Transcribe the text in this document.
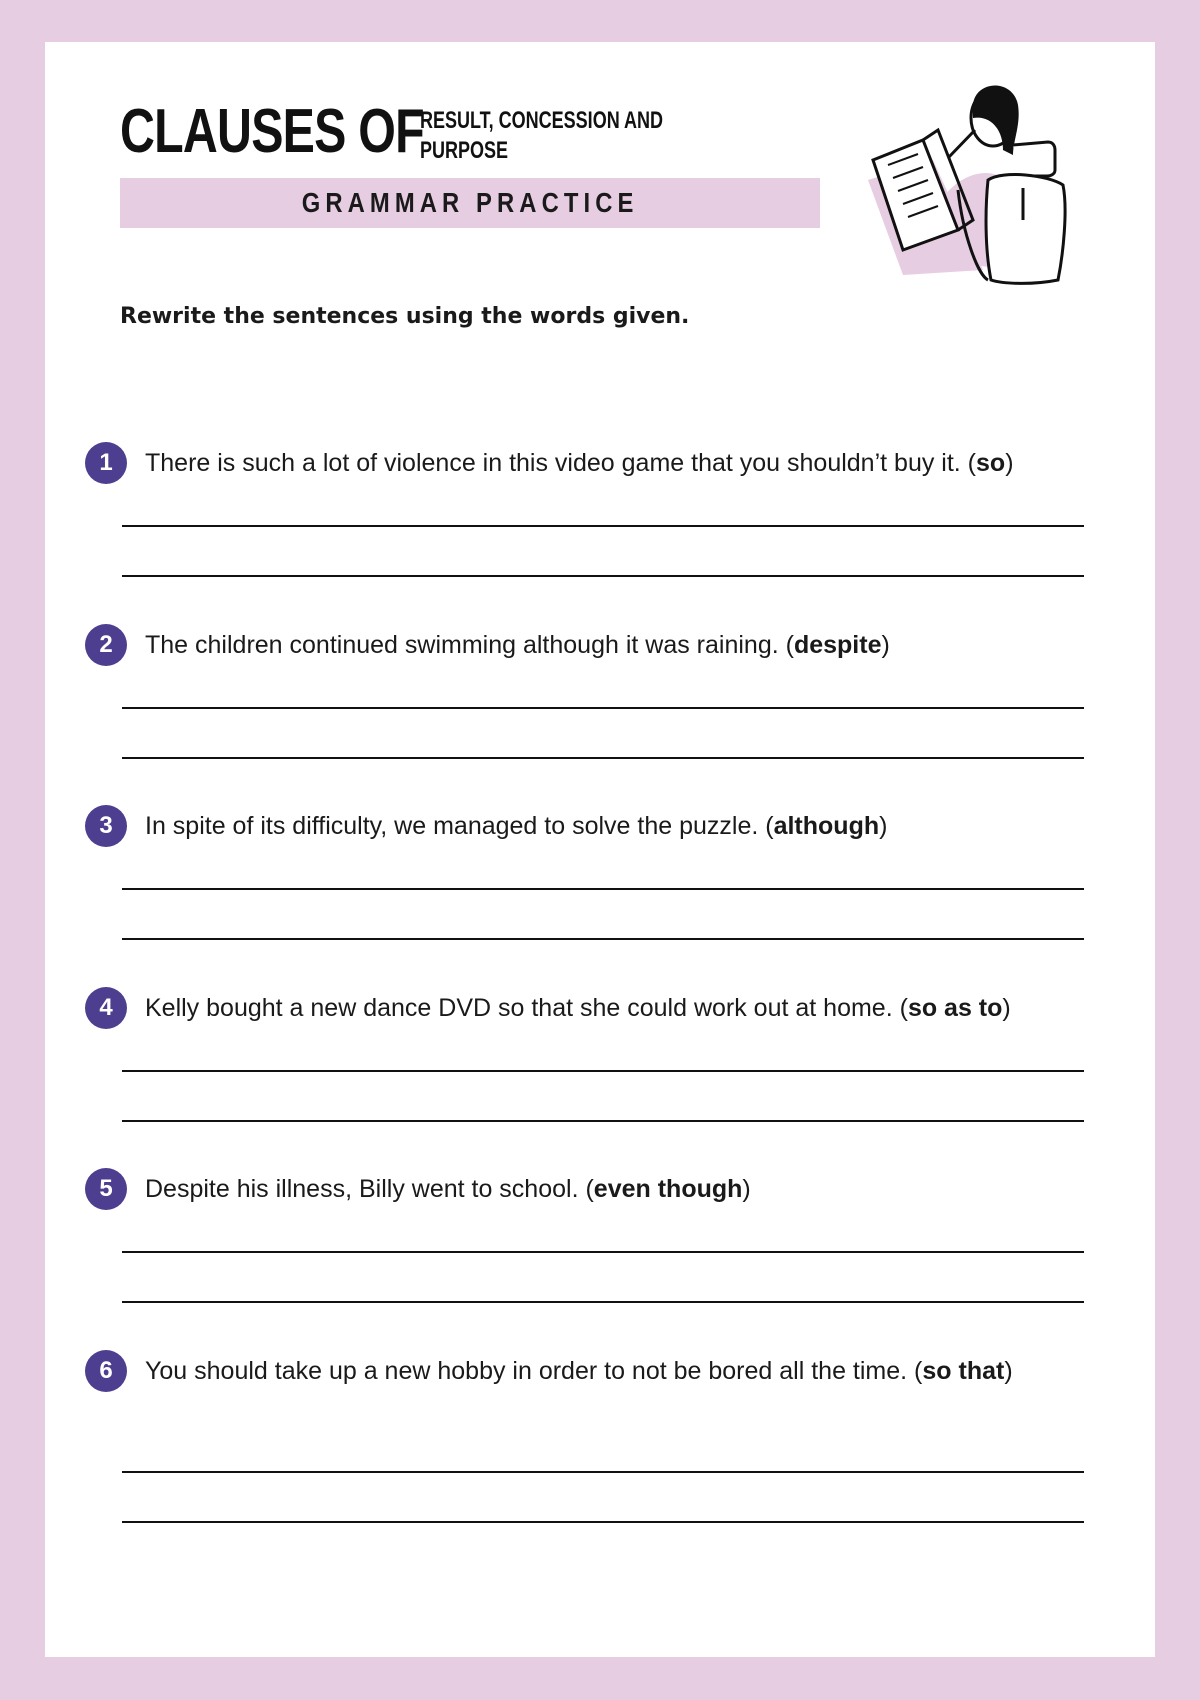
CLAUSES OF
RESULT, CONCESSION AND
PURPOSE
GRAMMAR PRACTICE
Rewrite the sentences using the words given.
1	There is such a lot of violence in this video game that you shouldn’t buy it. (so)
2	The children continued swimming although it was raining. (despite)
3	In spite of its difficulty, we managed to solve the puzzle. (although)
4	Kelly bought a new dance DVD so that she could work out at home. (so as to)
5	Despite his illness, Billy went to school. (even though)
6	You should take up a new hobby in order to not be bored all the time. (so that)
